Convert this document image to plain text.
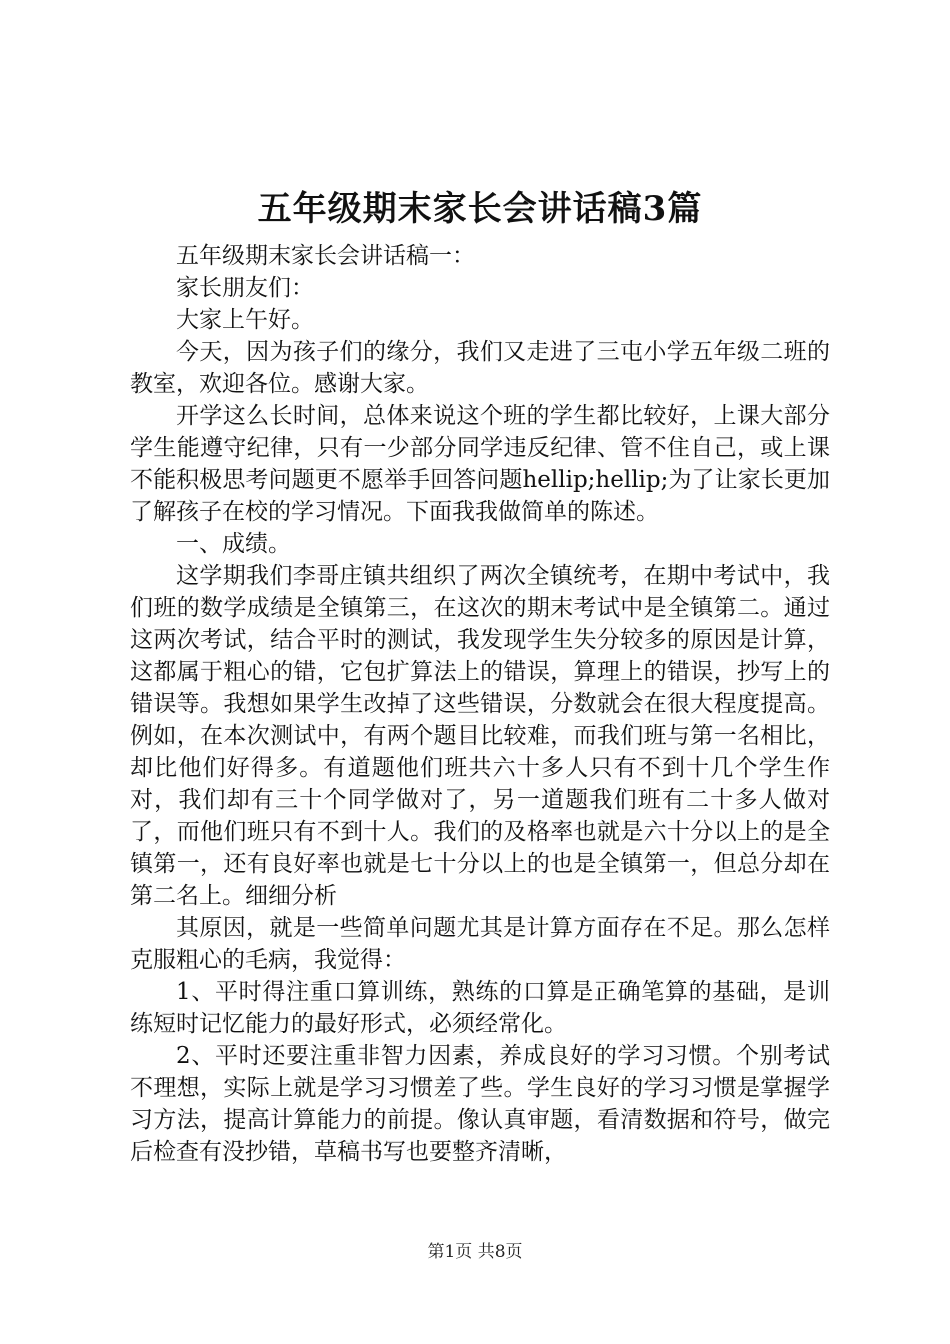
五年级期末家长会讲话稿3篇

五年级期末家长会讲话稿一：

家长朋友们：

大家上午好。

今天，因为孩子们的缘分，我们又走进了三屯小学五年级二班的教室，欢迎各位。感谢大家。

开学这么长时间，总体来说这个班的学生都比较好，上课大部分学生能遵守纪律，只有一少部分同学违反纪律、管不住自己，或上课不能积极思考问题更不愿举手回答问题hellip;hellip;为了让家长更加了解孩子在校的学习情况。下面我我做简单的陈述。

一、成绩。

这学期我们李哥庄镇共组织了两次全镇统考，在期中考试中，我们班的数学成绩是全镇第三，在这次的期末考试中是全镇第二。通过这两次考试，结合平时的测试，我发现学生失分较多的原因是计算，这都属于粗心的错，它包扩算法上的错误，算理上的错误，抄写上的错误等。我想如果学生改掉了这些错误，分数就会在很大程度提高。例如，在本次测试中，有两个题目比较难，而我们班与第一名相比，却比他们好得多。有道题他们班共六十多人只有不到十几个学生作对，我们却有三十个同学做对了，另一道题我们班有二十多人做对了，而他们班只有不到十人。我们的及格率也就是六十分以上的是全镇第一，还有良好率也就是七十分以上的也是全镇第一，但总分却在第二名上。细细分析

其原因，就是一些简单问题尤其是计算方面存在不足。那么怎样克服粗心的毛病，我觉得：

1、平时得注重口算训练，熟练的口算是正确笔算的基础，是训练短时记忆能力的最好形式，必须经常化。

2、平时还要注重非智力因素，养成良好的学习习惯。个别考试不理想，实际上就是学习习惯差了些。学生良好的学习习惯是掌握学习方法，提高计算能力的前提。像认真审题，看清数据和符号，做完后检查有没抄错，草稿书写也要整齐清晰，

第1页 共8页
